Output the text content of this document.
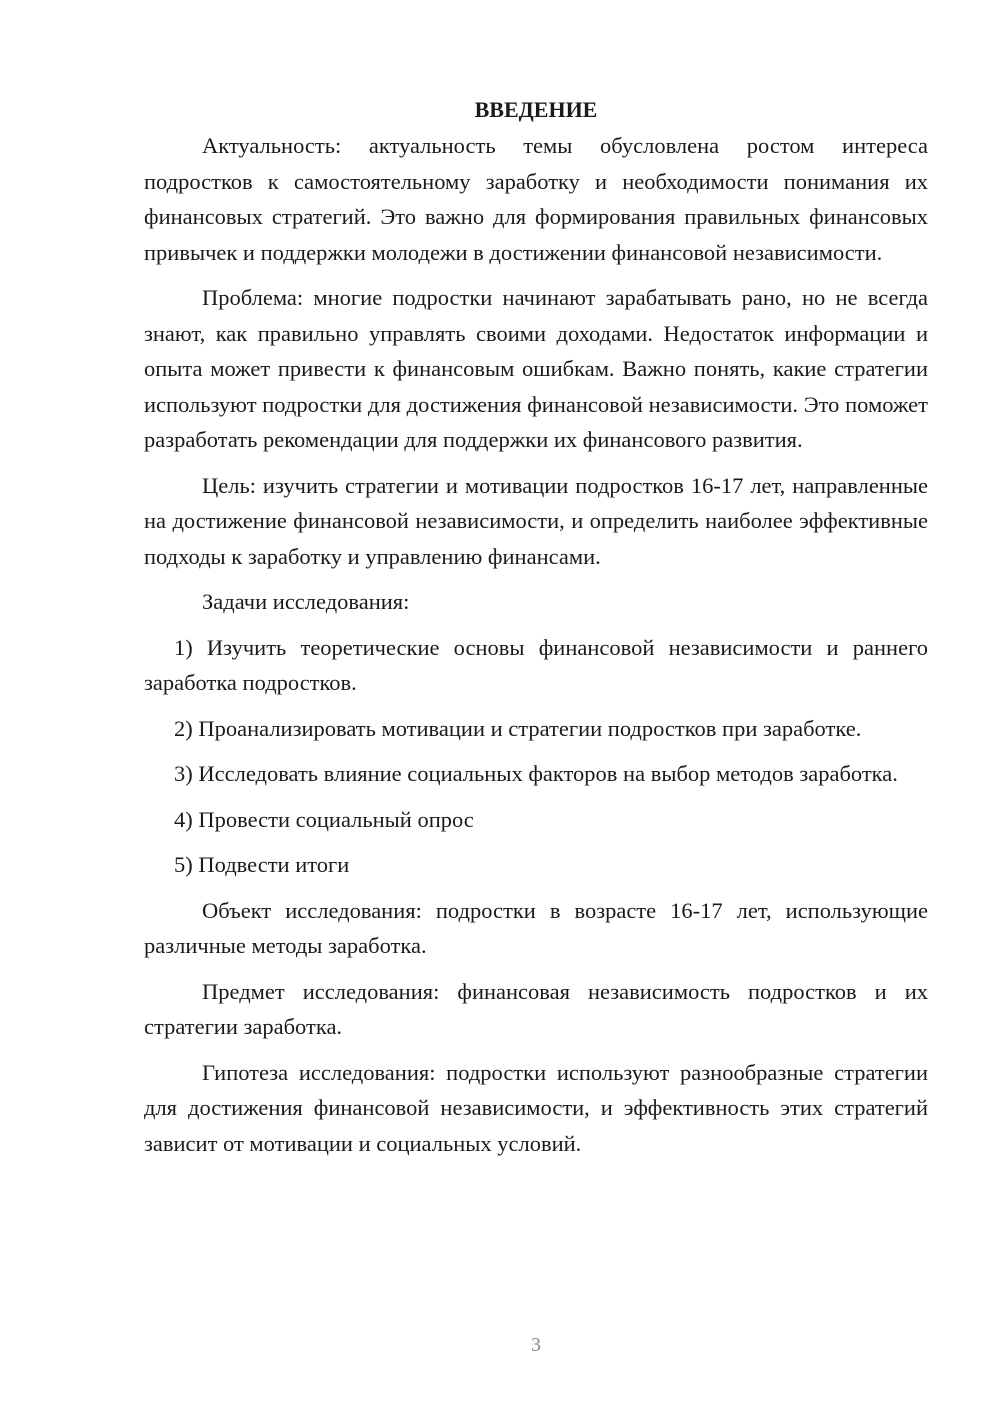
ВВЕДЕНИЕ

Актуальность: актуальность темы обусловлена ростом интереса подростков к самостоятельному заработку и необходимости понимания их финансовых стратегий. Это важно для формирования правильных финансовых привычек и поддержки молодежи в достижении финансовой независимости.

Проблема: многие подростки начинают зарабатывать рано, но не всегда знают, как правильно управлять своими доходами. Недостаток информации и опыта может привести к финансовым ошибкам. Важно понять, какие стратегии используют подростки для достижения финансовой независимости. Это поможет разработать рекомендации для поддержки их финансового развития.

Цель: изучить стратегии и мотивации подростков 16-17 лет, направленные на достижение финансовой независимости, и определить наиболее эффективные подходы к заработку и управлению финансами.

Задачи исследования:

1) Изучить теоретические основы финансовой независимости и раннего заработка подростков.

2) Проанализировать мотивации и стратегии подростков при заработке.

3) Исследовать влияние социальных факторов на выбор методов заработка.

4) Провести социальный опрос

5) Подвести итоги

Объект исследования: подростки в возрасте 16-17 лет, использующие различные методы заработка.

Предмет исследования: финансовая независимость подростков и их стратегии заработка.

Гипотеза исследования: подростки используют разнообразные стратегии для достижения финансовой независимости, и эффективность этих стратегий зависит от мотивации и социальных условий.

3
